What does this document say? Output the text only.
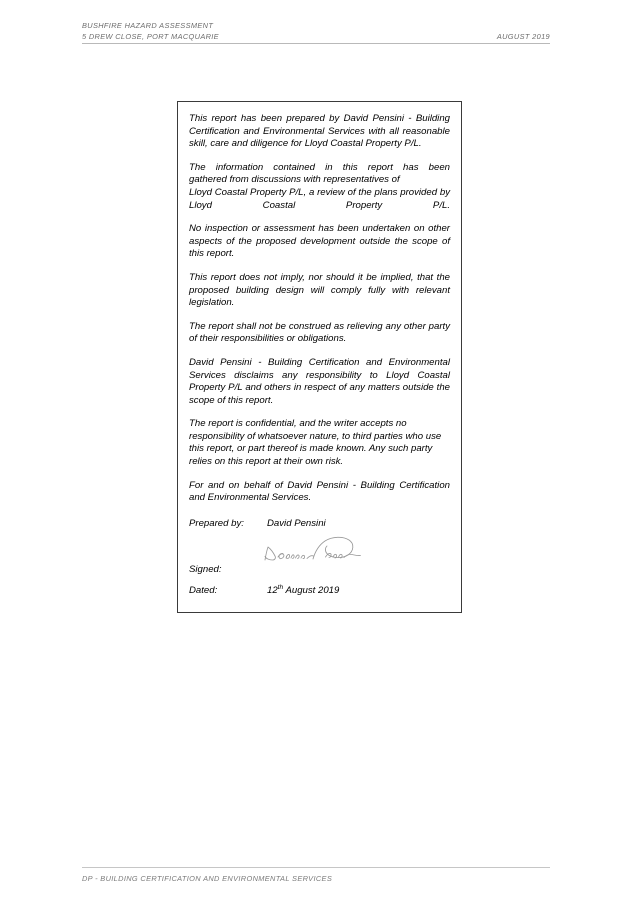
BUSHFIRE HAZARD ASSESSMENT
5 DREW CLOSE, PORT MACQUARIE	AUGUST 2019

This report has been prepared by David Pensini - Building Certification and Environmental Services with all reasonable skill, care and diligence for Lloyd Coastal Property P/L.

The information contained in this report has been
gathered from discussions with representatives of
Lloyd Coastal Property P/L, a review of the plans provided by Lloyd Coastal Property P/L.

No inspection or assessment has been undertaken on other aspects of the proposed development outside the scope of this report.

This report does not imply, nor should it be implied, that the proposed building design will comply fully with relevant legislation.

The report shall not be construed as relieving any other party of their responsibilities or obligations.

David Pensini - Building Certification and Environmental Services disclaims any responsibility to Lloyd Coastal Property P/L and others in respect of any matters outside the scope of this report.

The report is confidential, and the writer accepts no responsibility of whatsoever nature, to third parties who use this report, or part thereof is made known. Any such party relies on this report at their own risk.

For and on behalf of David Pensini - Building Certification and Environmental Services.

Prepared by:	David Pensini
Signed:
Dated:	12th August 2019
DP - BUILDING CERTIFICATION AND ENVIRONMENTAL SERVICES
